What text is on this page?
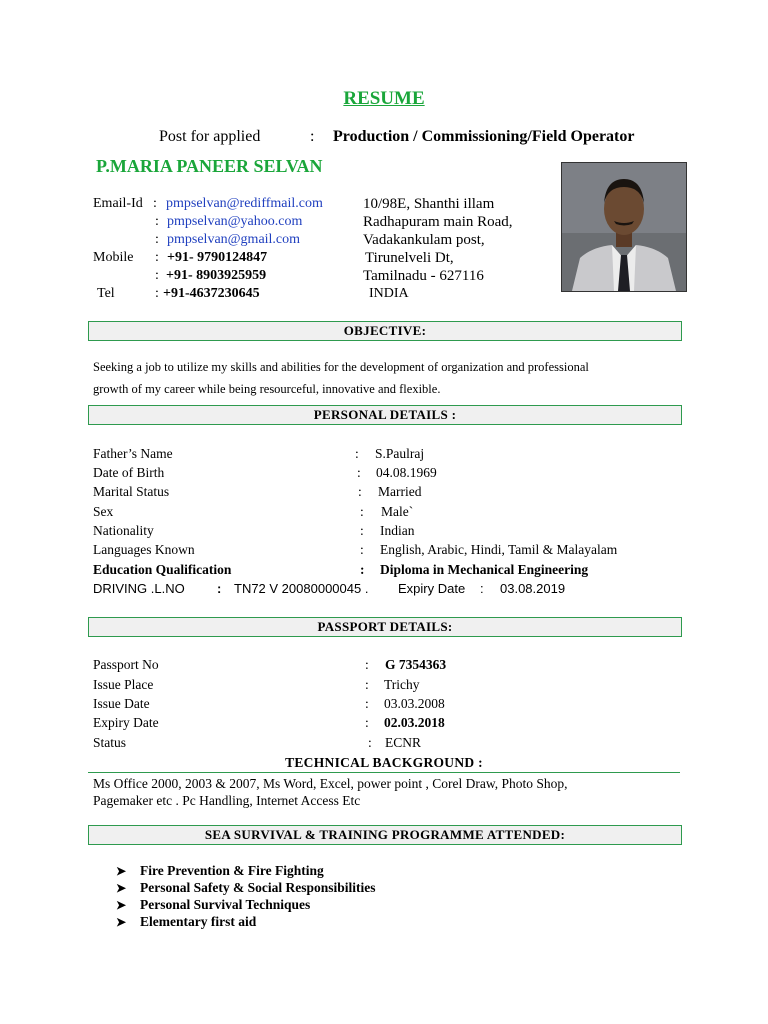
RESUME
Post for applied	: Production / Commissioning/Field Operator
P.MARIA PANEER SELVAN
Email-Id : pmpselvan@rediffmail.com
: pmpselvan@yahoo.com
: pmpselvan@gmail.com
Mobile : +91- 9790124847
: +91- 8903925959
Tel	: +91-4637230645
10/98E, Shanthi illam
Radhapuram main Road,
Vadakankulam post,
Tirunelveli Dt,
Tamilnadu - 627116
INDIA
OBJECTIVE:
Seeking a job to utilize my skills and abilities for the development of organization and professional
growth of my career while being resourceful, innovative and flexible.
PERSONAL DETAILS :
Father’s Name	: S.Paulraj
Date of Birth	: 04.08.1969
Marital Status	: Married
Sex	: Male`
Nationality	: Indian
Languages Known	: English, Arabic, Hindi, Tamil & Malayalam
Education Qualification	: Diploma in Mechanical Engineering
DRIVING .L.NO : TN72 V 20080000045 . Expiry Date : 03.08.2019
PASSPORT DETAILS:
Passport No	: G 7354363
Issue Place	: Trichy
Issue Date	: 03.03.2008
Expiry Date	: 02.03.2018
Status	: ECNR
TECHNICAL BACKGROUND :
Ms Office 2000, 2003 & 2007, Ms Word, Excel, power point , Corel Draw, Photo Shop,
Pagemaker etc . Pc Handling, Internet Access Etc
SEA SURVIVAL & TRAINING PROGRAMME ATTENDED:
➤ Fire Prevention & Fire Fighting
➤ Personal Safety & Social Responsibilities
➤ Personal Survival Techniques
➤ Elementary first aid
